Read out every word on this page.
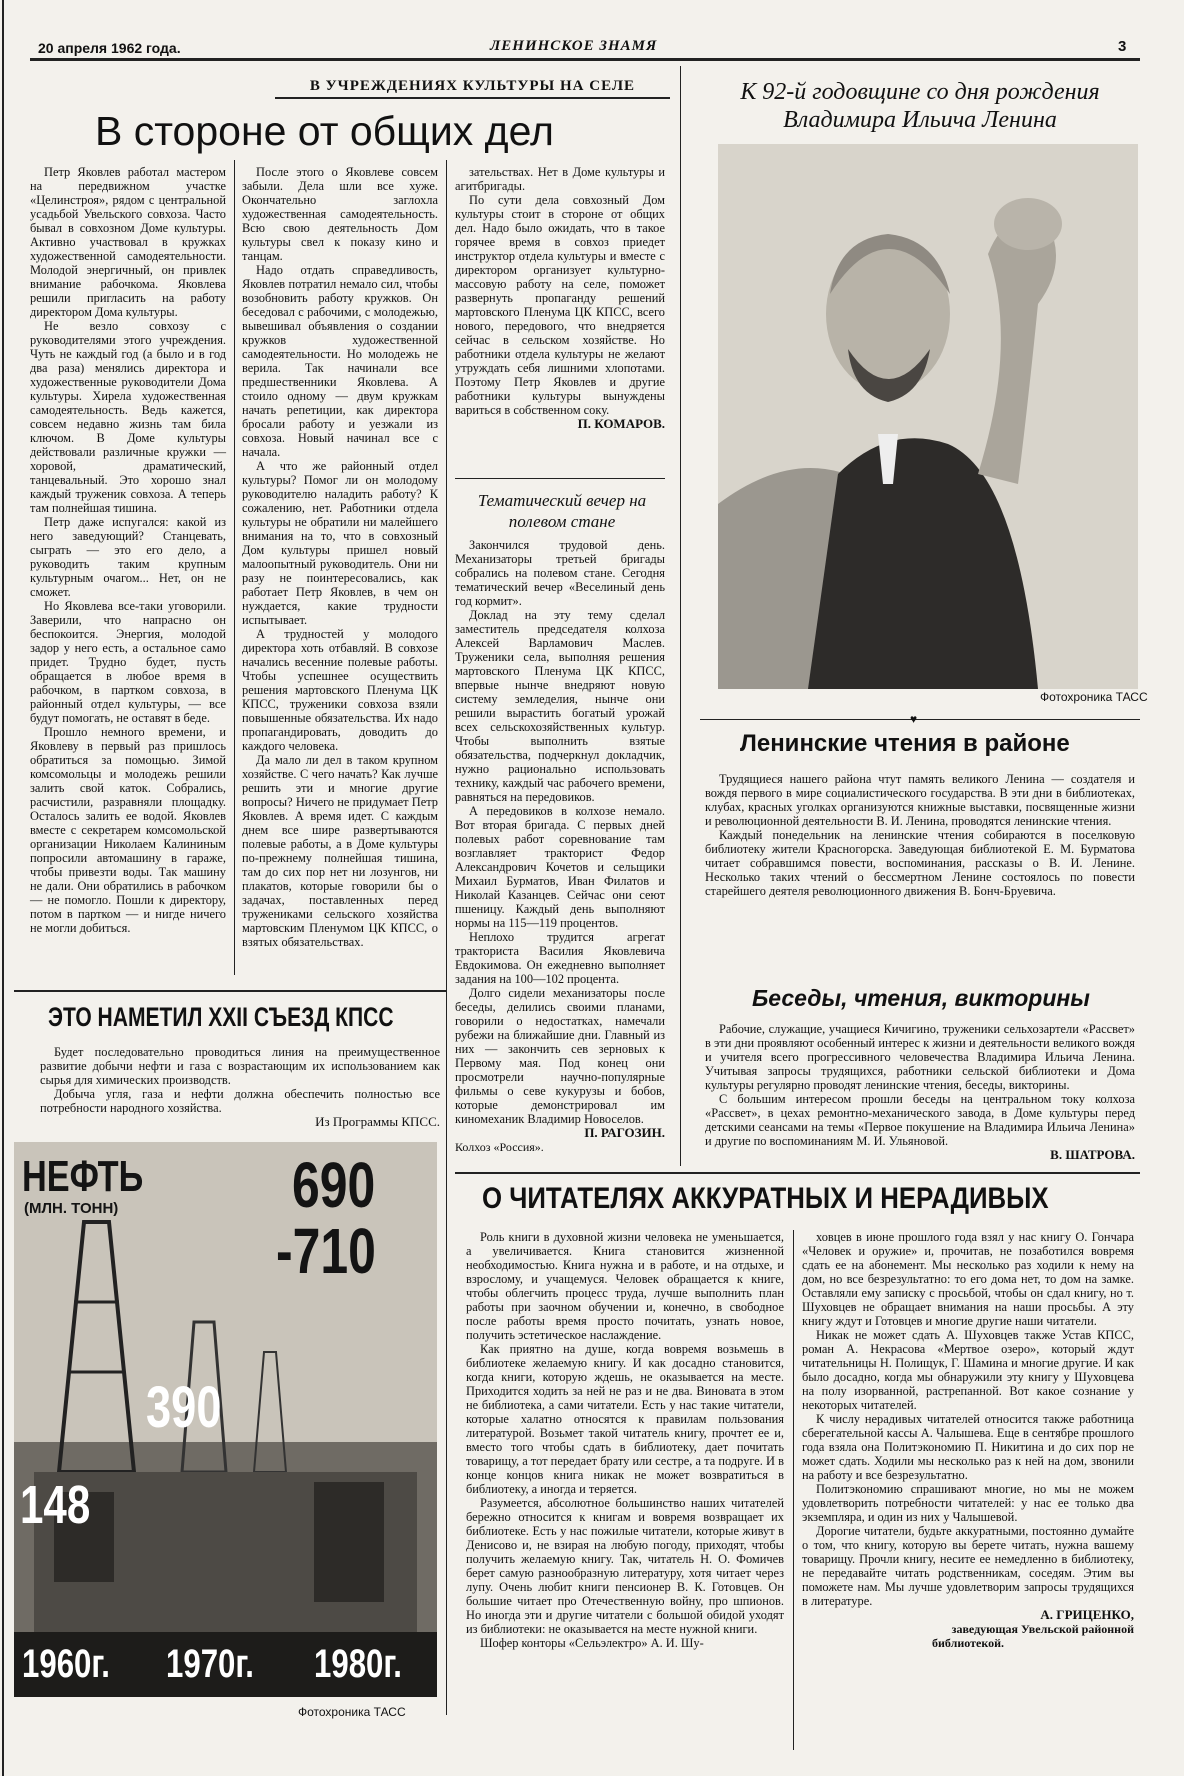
20 апреля 1962 года.	ЛЕНИНСКОЕ ЗНАМЯ	3
В УЧРЕЖДЕНИЯХ КУЛЬТУРЫ НА СЕЛЕ
В стороне от общих дел

Петр Яковлев работал мастером на передвижном участке «Целинстроя», рядом с центральной усадьбой Увельского совхоза. Часто бывал в совхозном Доме культуры. Активно участвовал в кружках художественной самодеятельности. Молодой энергичный, он привлек внимание рабочкома. Яковлева решили пригласить на работу директором Дома культуры.

Не везло совхозу с руководителями этого учреждения. Чуть не каждый год (а было и в год два раза) менялись директора и художественные руководители Дома культуры. Хирела художественная самодеятельность. Ведь кажется, совсем недавно жизнь там била ключом. В Доме культуры действовали различные кружки — хоровой, драматический, танцевальный. Это хорошо знал каждый труженик совхоза. А теперь там полнейшая тишина.

Петр даже испугался: какой из него заведующий? Станцевать, сыграть — это его дело, а руководить таким крупным культурным очагом... Нет, он не сможет.

Но Яковлева все-таки уговорили. Заверили, что напрасно он беспокоится. Энергия, молодой задор у него есть, а остальное само придет. Трудно будет, пусть обращается в любое время в рабочком, в партком совхоза, в районный отдел культуры, — все будут помогать, не оставят в беде.

Прошло немного времени, и Яковлеву в первый раз пришлось обратиться за помощью. Зимой комсомольцы и молодежь решили залить свой каток. Собрались, расчистили, разравняли площадку. Осталось залить ее водой. Яковлев вместе с секретарем комсомольской организации Николаем Калининым попросили автомашину в гараже, чтобы привезти воды. Так машину не дали. Они обратились в рабочком — не помогло. Пошли к директору, потом в партком — и нигде ничего не могли добиться.

После этого о Яковлеве совсем забыли. Дела шли все хуже. Окончательно заглохла художественная самодеятельность. Всю свою деятельность Дом культуры свел к показу кино и танцам.

Надо отдать справедливость, Яковлев потратил немало сил, чтобы возобновить работу кружков. Он беседовал с рабочими, с молодежью, вывешивал объявления о создании кружков художественной самодеятельности. Но молодежь не верила. Так начинали все предшественники Яковлева. А стоило одному — двум кружкам начать репетиции, как директора бросали работу и уезжали из совхоза. Новый начинал все с начала.

А что же районный отдел культуры? Помог ли он молодому руководителю наладить работу? К сожалению, нет. Работники отдела культуры не обратили ни малейшего внимания на то, что в совхозный Дом культуры пришел новый малоопытный руководитель. Они ни разу не поинтересовались, как работает Петр Яковлев, в чем он нуждается, какие трудности испытывает.

А трудностей у молодого директора хоть отбавляй. В совхозе начались весенние полевые работы. Чтобы успешнее осуществить решения мартовского Пленума ЦК КПСС, труженики совхоза взяли повышенные обязательства. Их надо пропагандировать, доводить до каждого человека.

Да мало ли дел в таком крупном хозяйстве. С чего начать? Как лучше решить эти и многие другие вопросы? Ничего не придумает Петр Яковлев. А время идет. С каждым днем все шире развертываются полевые работы, а в Доме культуры по-прежнему полнейшая тишина, там до сих пор нет ни лозунгов, ни плакатов, которые говорили бы о задачах, поставленных перед тружениками сельского хозяйства мартовским Пленумом ЦК КПСС, о взятых обязательствах.

зательствах. Нет в Доме культуры и агитбригады.

По сути дела совхозный Дом культуры стоит в стороне от общих дел. Надо было ожидать, что в такое горячее время в совхоз приедет инструктор отдела культуры и вместе с директором организует культурно-массовую работу на селе, поможет развернуть пропаганду решений мартовского Пленума ЦК КПСС, всего нового, передового, что внедряется сейчас в сельском хозяйстве. Но работники отдела культуры не желают утруждать себя лишними хлопотами. Поэтому Петр Яковлев и другие работники культуры вынуждены вариться в собственном соку.

П. КОМАРОВ.

Тематический вечер на полевом стане

Закончился трудовой день. Механизаторы третьей бригады собрались на полевом стане. Сегодня тематический вечер «Веселиный день год кормит».

Доклад на эту тему сделал заместитель председателя колхоза Алексей Варламович Маслев. Труженики села, выполняя решения мартовского Пленума ЦК КПСС, впервые нынче внедряют новую систему земледелия, нынче они решили вырастить богатый урожай всех сельскохозяйственных культур. Чтобы выполнить взятые обязательства, подчеркнул докладчик, нужно рационально использовать технику, каждый час рабочего времени, равняться на передовиков.

А передовиков в колхозе немало. Вот вторая бригада. С первых дней полевых работ соревнование там возглавляет тракторист Федор Александрович Кочетов и сельщики Михаил Бурматов, Иван Филатов и Николай Казанцев. Сейчас они сеют пшеницу. Каждый день выполняют нормы на 115—119 процентов.

Неплохо трудится агрегат тракториста Василия Яковлевича Евдокимова. Он ежедневно выполняет задания на 100—102 процента.

Долго сидели механизаторы после беседы, делились своими планами, говорили о недостатках, намечали рубежи на ближайшие дни. Главный из них — закончить сев зерновых к Первому мая. Под конец они просмотрели научно-популярные фильмы о севе кукурузы и бобов, которые демонстрировал им киномеханик Владимир Новоселов.

П. РАГОЗИН.

Колхоз «Россия».

К 92-й годовщине со дня рождения
Владимира Ильича Ленина
Фотохроника ТАСС
♥
Ленинские чтения в районе

Трудящиеся нашего района чтут память великого Ленина — создателя и вождя первого в мире социалистического государства. В эти дни в библиотеках, клубах, красных уголках организуются книжные выставки, посвященные жизни и революционной деятельности В. И. Ленина, проводятся ленинские чтения.

Каждый понедельник на ленинские чтения собираются в поселковую библиотеку жители Красногорска. Заведующая библиотекой Е. М. Бурматова читает собравшимся повести, воспоминания, рассказы о В. И. Ленине. Несколько таких чтений о бессмертном Ленине состоялось по повести старейшего деятеля революционного движения В. Бонч-Бруевича.

Беседы, чтения, викторины

Рабочие, служащие, учащиеся Кичигино, труженики сельхозартели «Рассвет» в эти дни проявляют особенный интерес к жизни и деятельности великого вождя и учителя всего прогрессивного человечества Владимира Ильича Ленина. Учитывая запросы трудящихся, работники сельской библиотеки и Дома культуры регулярно проводят ленинские чтения, беседы, викторины.

С большим интересом прошли беседы на центральном току колхоза «Рассвет», в цехах ремонтно-механического завода, в Доме культуры перед детскими сеансами на темы «Первое покушение на Владимира Ильича Ленина» и другие по воспоминаниям М. И. Ульяновой.

В. ШАТРОВА.

ЭТО НАМЕТИЛ XXII СЪЕЗД КПСС

Будет последовательно проводиться линия на преимущественное развитие добычи нефти и газа с возрастающим их использованием как сырья для химических производств.

Добыча угля, газа и нефти должна обеспечить полностью все потребности народного хозяйства.

Из Программы КПСС.

НЕФТЬ
(МЛН. ТОНН)	690
-710
390
148
1960г. 1970г. 1980г.
Фотохроника ТАСС
О ЧИТАТЕЛЯХ АККУРАТНЫХ И НЕРАДИВЫХ

Роль книги в духовной жизни человека не уменьшается, а увеличивается. Книга становится жизненной необходимостью. Книга нужна и в работе, и на отдыхе, и взрослому, и учащемуся. Человек обращается к книге, чтобы облегчить процесс труда, лучше выполнить план работы при заочном обучении и, конечно, в свободное после работы время просто почитать, узнать новое, получить эстетическое наслаждение.

Как приятно на душе, когда вовремя возьмешь в библиотеке желаемую книгу. И как досадно становится, когда книги, которую ждешь, не оказывается на месте. Приходится ходить за ней не раз и не два. Виновата в этом не библиотека, а сами читатели. Есть у нас такие читатели, которые халатно относятся к правилам пользования литературой. Возьмет такой читатель книгу, прочтет ее и, вместо того чтобы сдать в библиотеку, дает почитать товарищу, а тот передает брату или сестре, а та подруге. И в конце концов книга никак не может возвратиться в библиотеку, а иногда и теряется.

Разумеется, абсолютное большинство наших читателей бережно относится к книгам и вовремя возвращает их библиотеке. Есть у нас пожилые читатели, которые живут в Денисово и, не взирая на любую погоду, приходят, чтобы получить желаемую книгу. Так, читатель Н. О. Фомичев берет самую разнообразную литературу, хотя читает через лупу. Очень любит книги пенсионер В. К. Готовцев. Он большие читает про Отечественную войну, про шпионов. Но иногда эти и другие читатели с большой обидой уходят из библиотеки: не оказывается на месте нужной книги.

Шофер конторы «Сельэлектро» А. И. Шу-

ховцев в июне прошлого года взял у нас книгу О. Гончара «Человек и оружие» и, прочитав, не позаботился вовремя сдать ее на абонемент. Мы несколько раз ходили к нему на дом, но все безрезультатно: то его дома нет, то дом на замке. Оставляли ему записку с просьбой, чтобы он сдал книгу, но т. Шуховцев не обращает внимания на наши просьбы. А эту книгу ждут и Готовцев и многие другие наши читатели.

Никак не может сдать А. Шуховцев также Устав КПСС, роман А. Некрасова «Мертвое озеро», который ждут читательницы Н. Полищук, Г. Шамина и многие другие. И как было досадно, когда мы обнаружили эту книгу у Шуховцева на полу изорванной, растрепанной. Вот какое сознание у некоторых читателей.

К числу нерадивых читателей относится также работница сберегательной кассы А. Чалышева. Еще в сентябре прошлого года взяла она Политэкономию П. Никитина и до сих пор не может сдать. Ходили мы несколько раз к ней на дом, звонили на работу и все безрезультатно.

Политэкономию спрашивают многие, но мы не можем удовлетворить потребности читателей: у нас ее только два экземпляра, и один из них у Чалышевой.

Дорогие читатели, будьте аккуратными, постоянно думайте о том, что книгу, которую вы берете читать, нужна вашему товарищу. Прочли книгу, несите ее немедленно в библиотеку, не передавайте читать родственникам, соседям. Этим вы поможете нам. Мы лучше удовлетворим запросы трудящихся в литературе.

А. ГРИЦЕНКО,

заведующая Увельской районной

библиотекой.
